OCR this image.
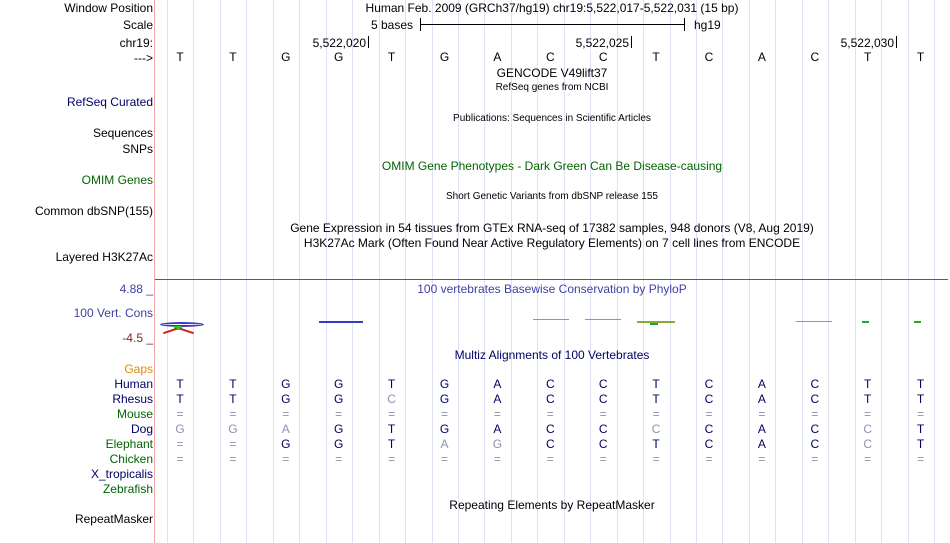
Window Position	Human Feb. 2009 (GRCh37/hg19) chr19:5,522,017-5,522,031 (15 bp)
Scale	5 bases	hg19
chr19:	5,522,020	5,522,025	5,522,030
---> T	T	G	G	T	G	A	C	C	T	C	A	C	T	T
GENCODE V49lift37
RefSeq genes from NCBI
RefSeq Curated
Publications: Sequences in Scientific Articles
Sequences
SNPs
OMIM Gene Phenotypes - Dark Green Can Be Disease-causing
OMIM Genes
Short Genetic Variants from dbSNP release 155
Common dbSNP(155)
Gene Expression in 54 tissues from GTEx RNA-seq of 17382 samples, 948 donors (V8, Aug 2019)
H3K27Ac Mark (Often Found Near Active Regulatory Elements) on 7 cell lines from ENCODE
Layered H3K27Ac
4.88 _	100 vertebrates Basewise Conservation by PhyloP
100 Vert. Cons
-4.5 _
Multiz Alignments of 100 Vertebrates
Gaps
Human T	T	G	G	T	G	A	C	C	T	C	A	C	T	T
Rhesus T	T	G	G	C	G	A	C	C	T	C	A	C	T	T
Mouse =	=	=	=	=	=	=	=	=	=	=	=	=	=	=
Dog G	G	A	G	T	G	A	C	C	C	C	A	C	C	T
Elephant =	=	G	G	T	A	G	C	C	T	C	A	C	C	T
Chicken =	=	=	=	=	=	=	=	=	=	=	=	=	=	=
X_tropicalis
Zebrafish
Repeating Elements by RepeatMasker
RepeatMasker
